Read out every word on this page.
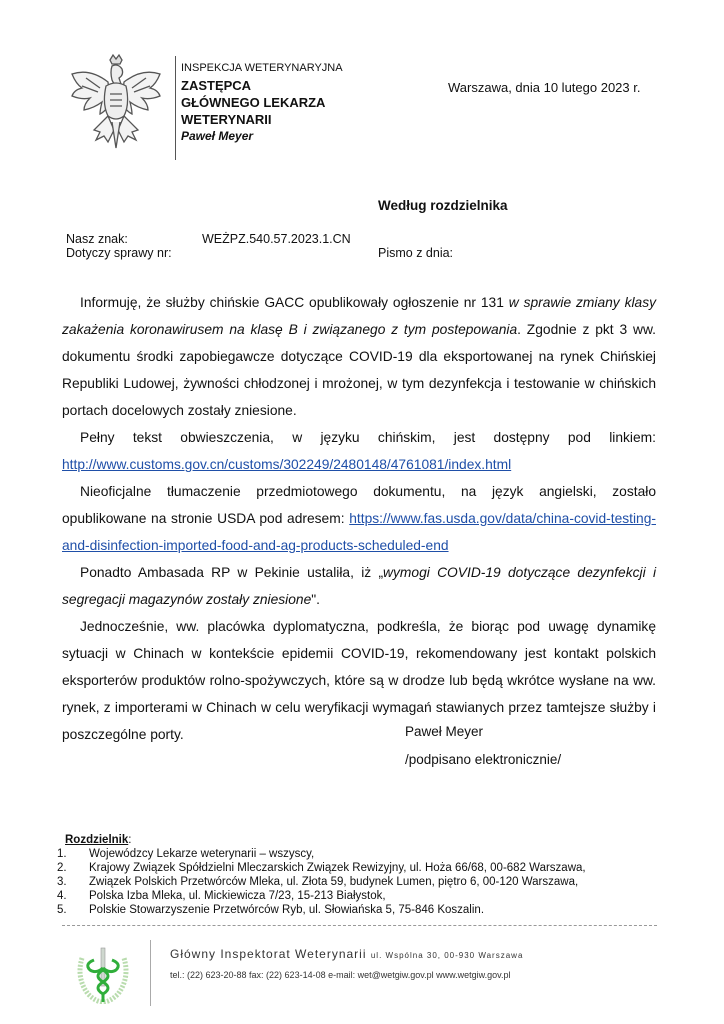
INSPEKCJA WETERYNARYJNA
ZASTĘPCA
GŁÓWNEGO LEKARZA
WETERYNARII
Paweł Meyer
Warszawa, dnia 10 lutego 2023 r.
Według rozdzielnika
Nasz znak:	WEŻPZ.540.57.2023.1.CN
Dotyczy sprawy nr:	Pismo z dnia:

Informuję, że służby chińskie GACC opublikowały ogłoszenie nr 131 w sprawie zmiany klasy zakażenia koronawirusem na klasę B i związanego z tym postepowania. Zgodnie z pkt 3 ww. dokumentu środki zapobiegawcze dotyczące COVID-19 dla eksportowanej na rynek Chińskiej Republiki Ludowej, żywności chłodzonej i mrożonej, w tym dezynfekcja i testowanie w chińskich portach docelowych zostały zniesione.

Pełny tekst obwieszczenia, w języku chińskim, jest dostępny pod linkiem: http://www.customs.gov.cn/customs/302249/2480148/4761081/index.html

Nieoficjalne tłumaczenie przedmiotowego dokumentu, na język angielski, zostało opublikowane na stronie USDA pod adresem: https://www.fas.usda.gov/data/china-covid-testing-and-disinfection-imported-food-and-ag-products-scheduled-end

Ponadto Ambasada RP w Pekinie ustaliła, iż „wymogi COVID-19 dotyczące dezynfekcji i segregacji magazynów zostały zniesione".

Jednocześnie, ww. placówka dyplomatyczna, podkreśla, że biorąc pod uwagę dynamikę sytuacji w Chinach w kontekście epidemii COVID-19, rekomendowany jest kontakt polskich eksporterów produktów rolno-spożywczych, które są w drodze lub będą wkrótce wysłane na ww. rynek, z importerami w Chinach w celu weryfikacji wymagań stawianych przez tamtejsze służby i poszczególne porty.	Paweł Meyer
/podpisano elektronicznie/
Rozdzielnik:
1.	Wojewódzcy Lekarze weterynarii – wszyscy,
2.	Krajowy Związek Spółdzielni Mleczarskich Związek Rewizyjny, ul. Hoża 66/68, 00-682 Warszawa,
3.	Związek Polskich Przetwórców Mleka, ul. Złota 59, budynek Lumen, piętro 6, 00-120 Warszawa,
4.	Polska Izba Mleka, ul. Mickiewicza 7/23, 15-213 Białystok,
5.	Polskie Stowarzyszenie Przetwórców Ryb, ul. Słowiańska 5, 75-846 Koszalin.
Główny Inspektorat Weterynarii ul. Wspólna 30, 00-930 Warszawa
tel.: (22) 623-20-88 fax: (22) 623-14-08 e-mail: wet@wetgiw.gov.pl www.wetgiw.gov.pl
